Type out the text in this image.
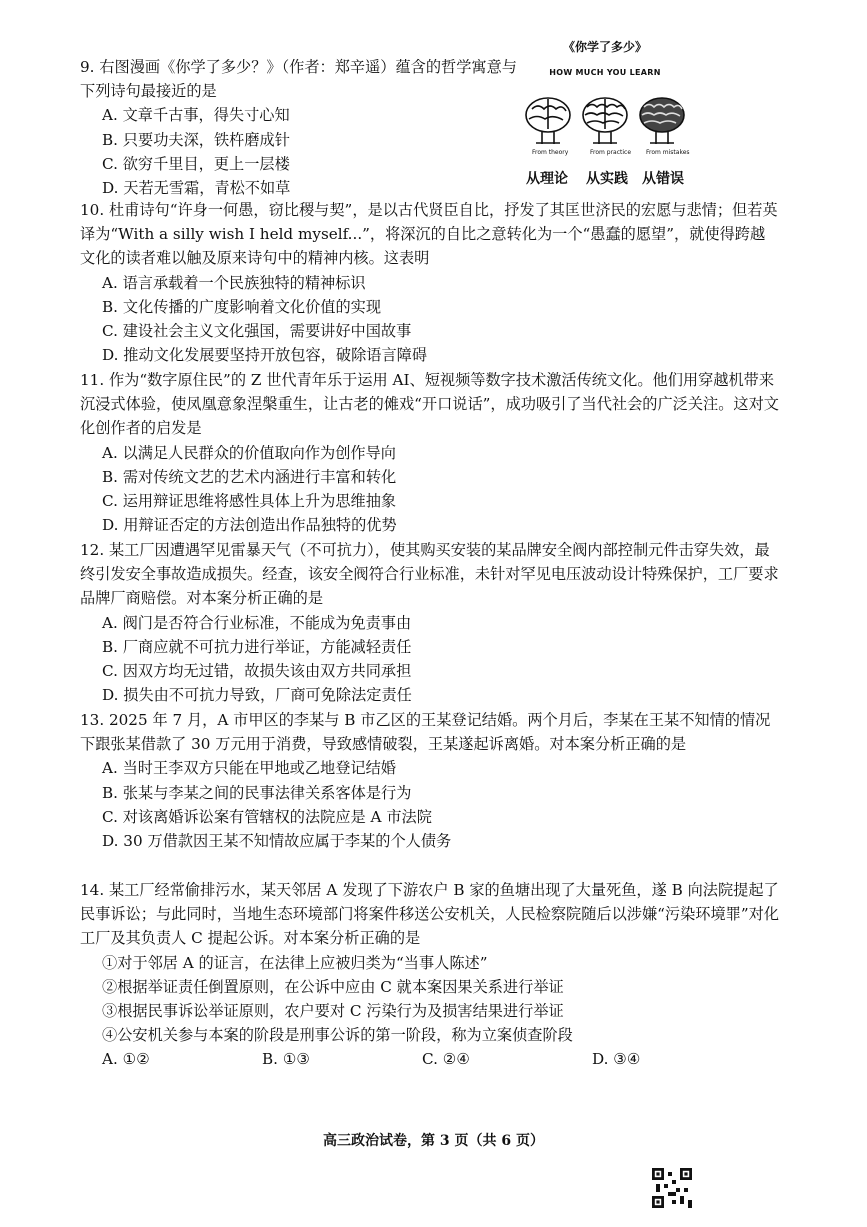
《你学了多少》
HOW MUCH YOU LEARN
From theory	From practice From mistakes
从理论 从实践 从错误

9. 右图漫画《你学了多少？》（作者：郑辛遥）蕴含的哲学寓意与下列诗句最接近的是

A. 文章千古事，得失寸心知

B. 只要功夫深，铁杵磨成针

C. 欲穷千里目，更上一层楼

D. 天若无雪霜，青松不如草

10. 杜甫诗句“许身一何愚，窃比稷与契”，是以古代贤臣自比，抒发了其匡世济民的宏愿与悲情；但若英译为“With a silly wish I held myself...”，将深沉的自比之意转化为一个“愚蠢的愿望”，就使得跨越文化的读者难以触及原来诗句中的精神内核。这表明

A. 语言承载着一个民族独特的精神标识

B. 文化传播的广度影响着文化价值的实现

C. 建设社会主义文化强国，需要讲好中国故事

D. 推动文化发展要坚持开放包容，破除语言障碍

11. 作为“数字原住民”的 Z 世代青年乐于运用 AI、短视频等数字技术激活传统文化。他们用穿越机带来沉浸式体验，使凤凰意象涅槃重生，让古老的傩戏“开口说话”，成功吸引了当代社会的广泛关注。这对文化创作者的启发是

A. 以满足人民群众的价值取向作为创作导向

B. 需对传统文艺的艺术内涵进行丰富和转化

C. 运用辩证思维将感性具体上升为思维抽象

D. 用辩证否定的方法创造出作品独特的优势

12. 某工厂因遭遇罕见雷暴天气（不可抗力），使其购买安装的某品牌安全阀内部控制元件击穿失效，最终引发安全事故造成损失。经查，该安全阀符合行业标准，未针对罕见电压波动设计特殊保护，工厂要求品牌厂商赔偿。对本案分析正确的是

A. 阀门是否符合行业标准，不能成为免责事由

B. 厂商应就不可抗力进行举证，方能减轻责任

C. 因双方均无过错，故损失该由双方共同承担

D. 损失由不可抗力导致，厂商可免除法定责任

13. 2025 年 7 月，A 市甲区的李某与 B 市乙区的王某登记结婚。两个月后，李某在王某不知情的情况下跟张某借款了 30 万元用于消费，导致感情破裂，王某遂起诉离婚。对本案分析正确的是

A. 当时王李双方只能在甲地或乙地登记结婚

B. 张某与李某之间的民事法律关系客体是行为

C. 对该离婚诉讼案有管辖权的法院应是 A 市法院

D. 30 万借款因王某不知情故应属于李某的个人债务

14. 某工厂经常偷排污水，某天邻居 A 发现了下游农户 B 家的鱼塘出现了大量死鱼，遂 B 向法院提起了民事诉讼；与此同时，当地生态环境部门将案件移送公安机关，人民检察院随后以涉嫌“污染环境罪”对化工厂及其负责人 C 提起公诉。对本案分析正确的是

①对于邻居 A 的证言，在法律上应被归类为“当事人陈述”

②根据举证责任倒置原则，在公诉中应由 C 就本案因果关系进行举证

③根据民事诉讼举证原则，农户要对 C 污染行为及损害结果进行举证

④公安机关参与本案的阶段是刑事公诉的第一阶段，称为立案侦查阶段

A. ①②	B. ①③	C. ②④	D. ③④
高三政治试卷，第 3 页（共 6 页）
